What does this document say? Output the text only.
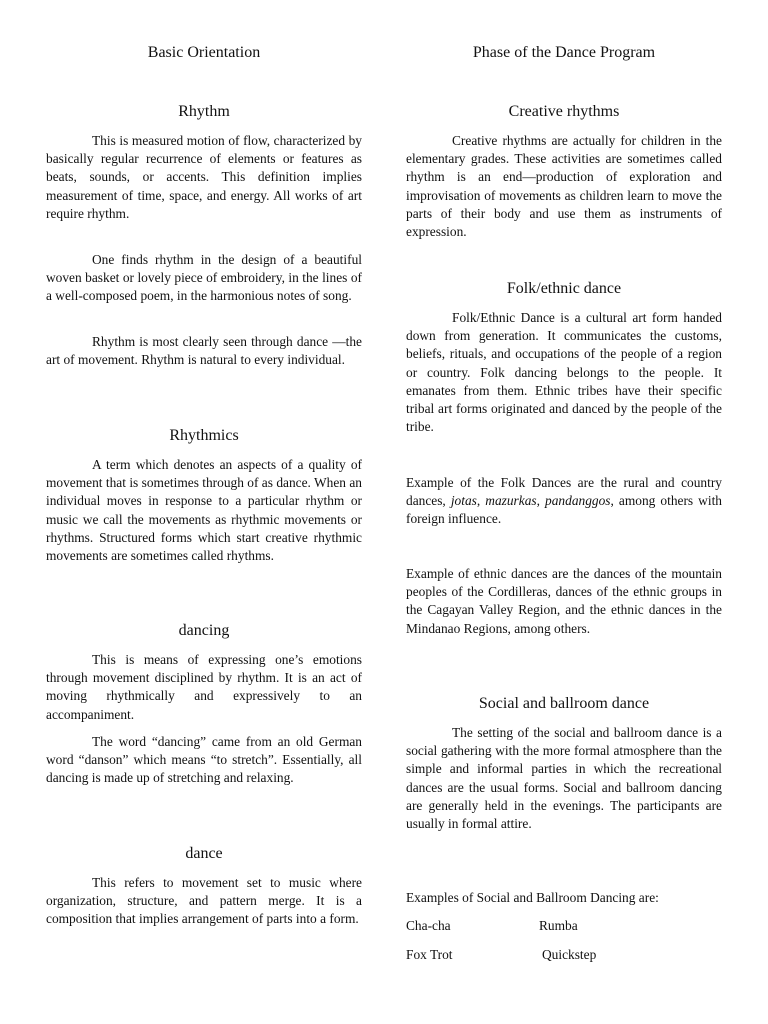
Basic Orientation
Rhythm

This is measured motion of flow, characterized by basically regular recurrence of elements or features as beats, sounds, or accents. This definition implies measurement of time, space, and energy. All works of art require rhythm.

One finds rhythm in the design of a beautiful woven basket or lovely piece of embroidery, in the lines of a well-composed poem, in the harmonious notes of song.

Rhythm is most clearly seen through dance —the art of movement. Rhythm is natural to every individual.

Rhythmics

A term which denotes an aspects of a quality of movement that is sometimes through of as dance. When an individual moves in response to a particular rhythm or music we call the movements as rhythmic movements or rhythms. Structured forms which start creative rhythmic movements are sometimes called rhythms.

dancing

This is means of expressing one’s emotions through movement disciplined by rhythm. It is an act of moving rhythmically and expressively to an accompaniment.

The word “dancing” came from an old German word “danson” which means “to stretch”. Essentially, all dancing is made up of stretching and relaxing.

dance

This refers to movement set to music where organization, structure, and pattern merge. It is a composition that implies arrangement of parts into a form.

Phase of the Dance Program
Creative rhythms

Creative rhythms are actually for children in the elementary grades. These activities are sometimes called rhythm is an end—production of exploration and improvisation of movements as children learn to move the parts of their body and use them as instruments of expression.

Folk/ethnic dance

Folk/Ethnic Dance is a cultural art form handed down from generation. It communicates the customs, beliefs, rituals, and occupations of the people of a region or country. Folk dancing belongs to the people. It emanates from them. Ethnic tribes have their specific tribal art forms originated and danced by the people of the tribe.

Example of the Folk Dances are the rural and country dances, jotas, mazurkas, pandanggos, among others with foreign influence.

Example of ethnic dances are the dances of the mountain peoples of the Cordilleras, dances of the ethnic groups in the Cagayan Valley Region, and the ethnic dances in the Mindanao Regions, among others.

Social and ballroom dance

The setting of the social and ballroom dance is a social gathering with the more formal atmosphere than the simple and informal parties in which the recreational dances are the usual forms. Social and ballroom dancing are generally held in the evenings. The participants are usually in formal attire.

Examples of Social and Ballroom Dancing are:

Cha-cha	Rumba
Fox Trot	Quickstep
